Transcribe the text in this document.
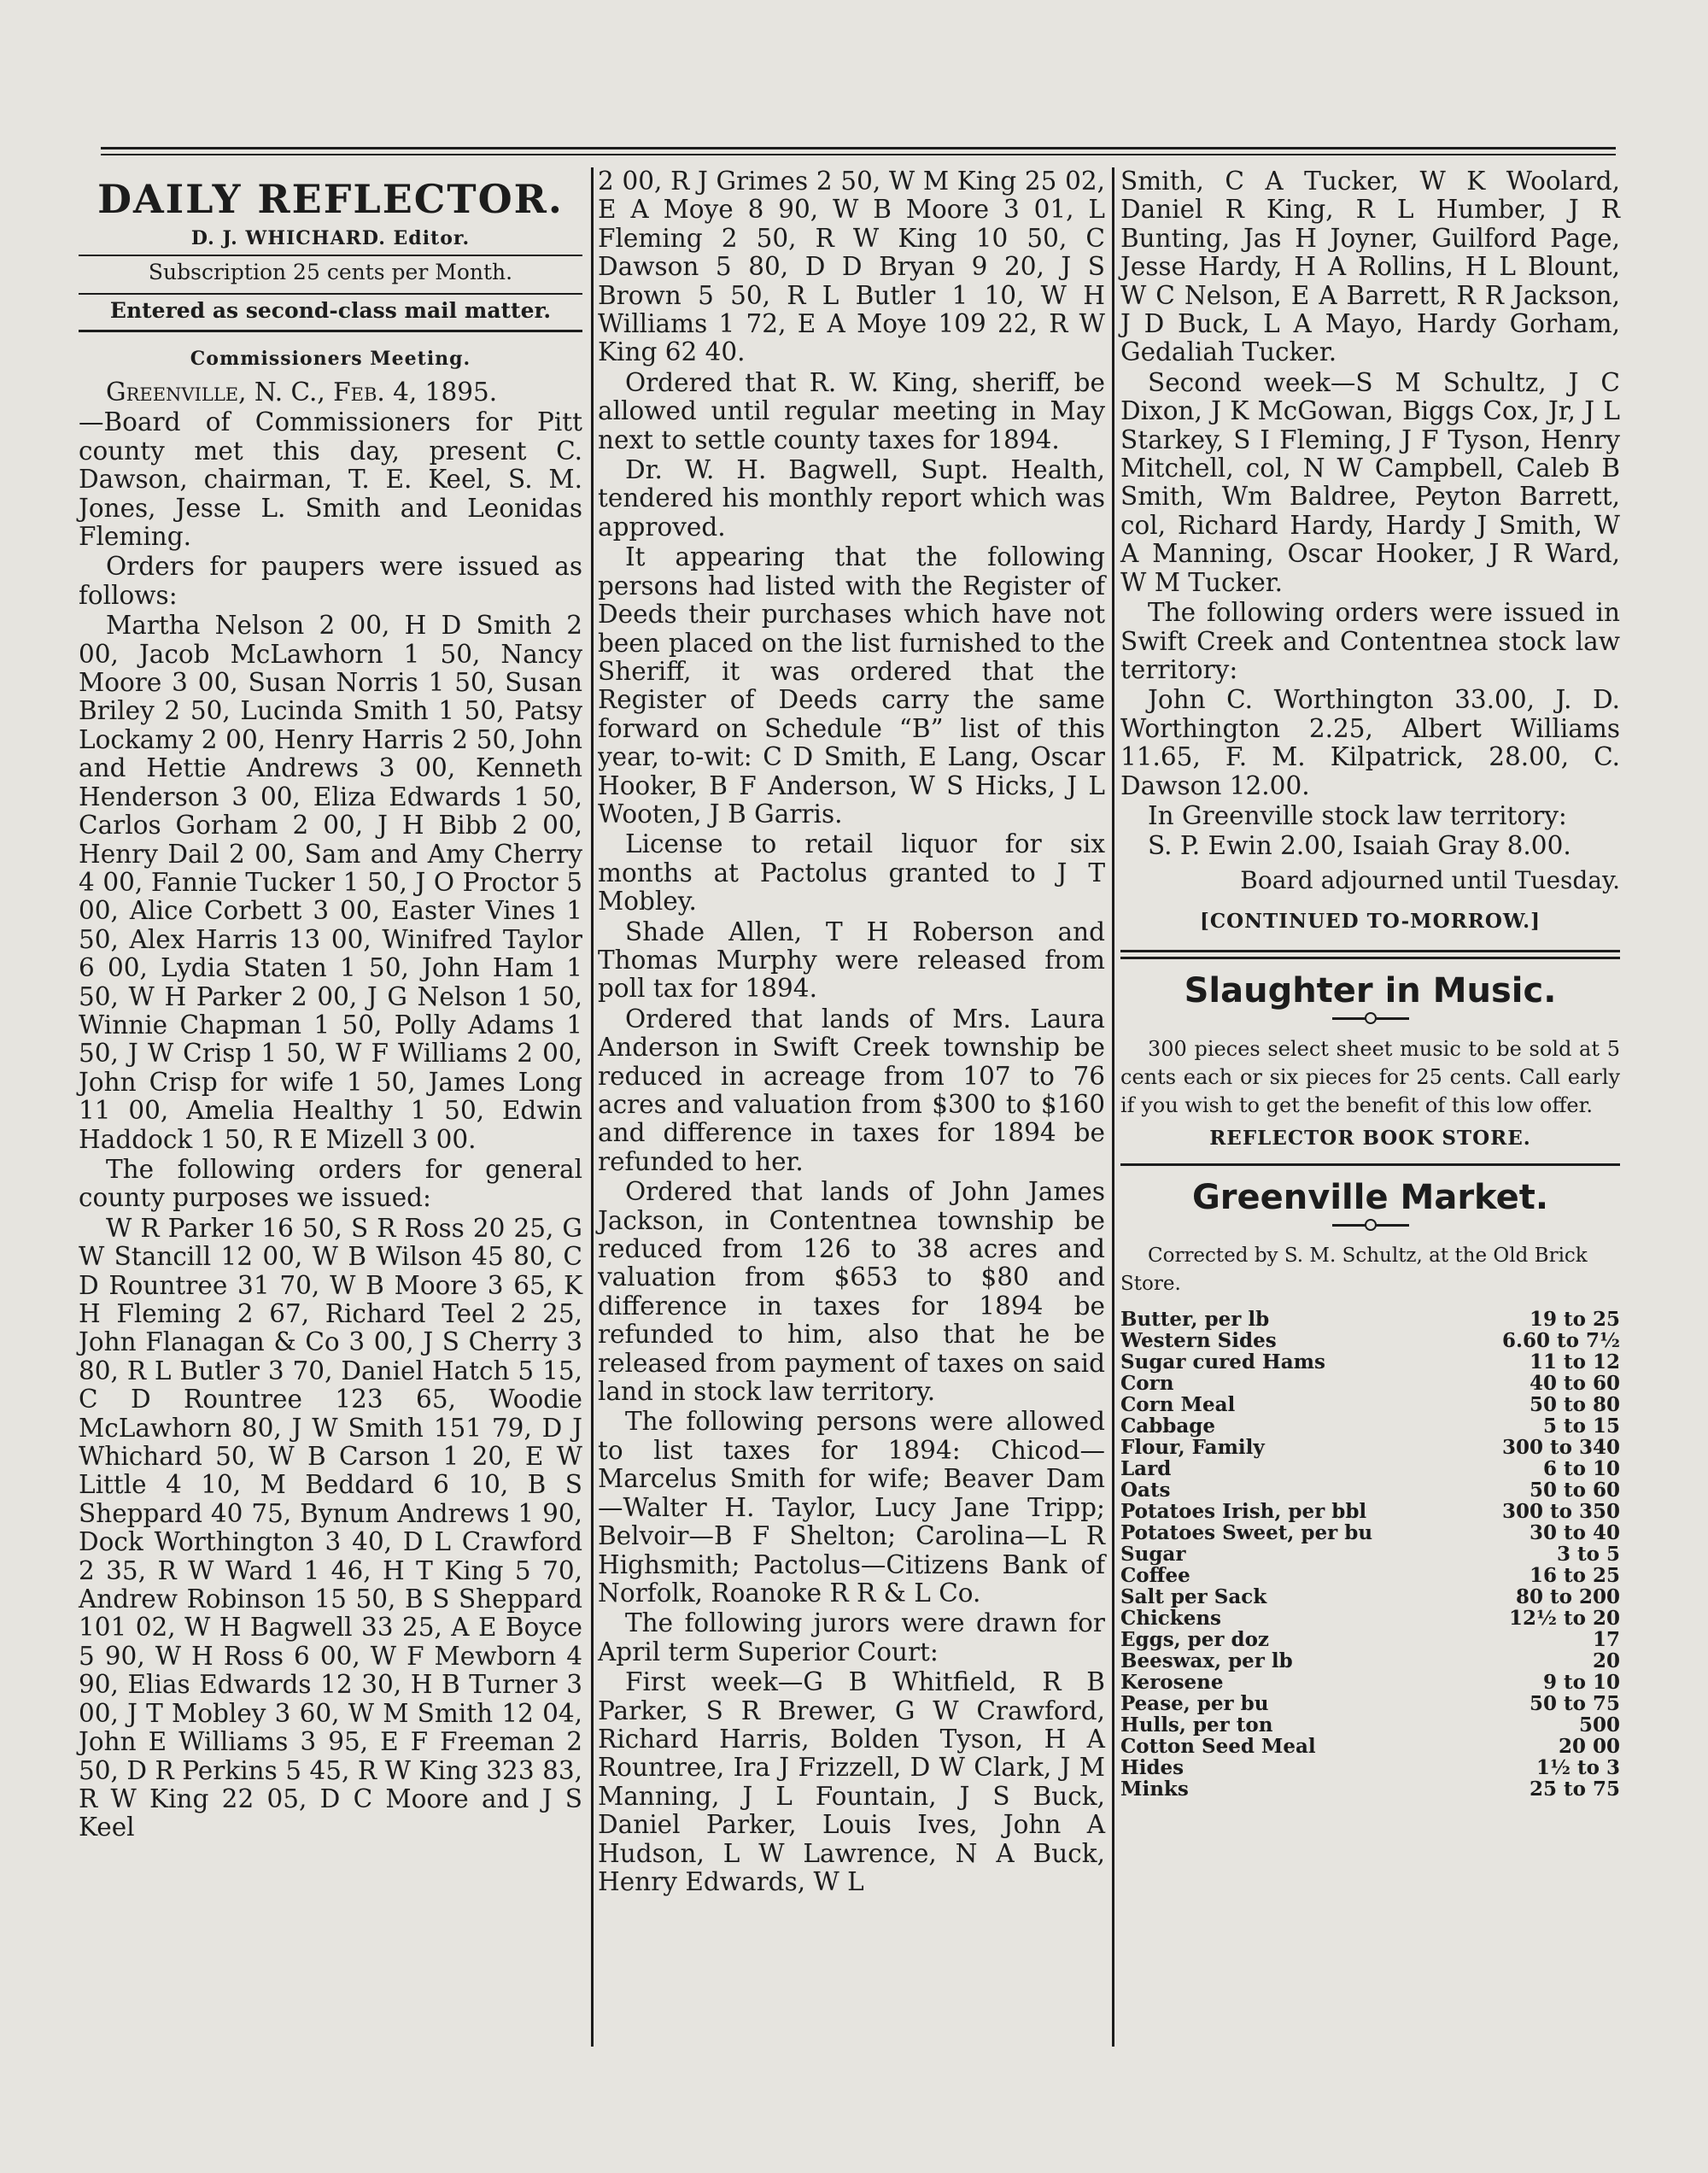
DAILY REFLECTOR.
D. J. WHICHARD. Editor.
Subscription 25 cents per Month.
Entered as second-class mail matter.
Commissioners Meeting.

Greenville, N. C., Feb. 4, 1895.

—Board of Commissioners for Pitt county met this day, present C. Dawson, chairman, T. E. Keel, S. M. Jones, Jesse L. Smith and Leonidas Fleming.

Orders for paupers were issued as follows:

Martha Nelson 2 00, H D Smith 2 00, Jacob McLawhorn 1 50, Nancy Moore 3 00, Susan Norris 1 50, Susan Briley 2 50, Lucinda Smith 1 50, Patsy Lockamy 2 00, Henry Harris 2 50, John and Hettie Andrews 3 00, Kenneth Henderson 3 00, Eliza Edwards 1 50, Carlos Gorham 2 00, J H Bibb 2 00, Henry Dail 2 00, Sam and Amy Cherry 4 00, Fannie Tucker 1 50, J O Proctor 5 00, Alice Corbett 3 00, Easter Vines 1 50, Alex Harris 13 00, Winifred Taylor 6 00, Lydia Staten 1 50, John Ham 1 50, W H Parker 2 00, J G Nelson 1 50, Winnie Chapman 1 50, Polly Adams 1 50, J W Crisp 1 50, W F Williams 2 00, John Crisp for wife 1 50, James Long 11 00, Amelia Healthy 1 50, Edwin Haddock 1 50, R E Mizell 3 00.

The following orders for general county purposes we issued:

W R Parker 16 50, S R Ross 20 25, G W Stancill 12 00, W B Wilson 45 80, C D Rountree 31 70, W B Moore 3 65, K H Fleming 2 67, Richard Teel 2 25, John Flanagan & Co 3 00, J S Cherry 3 80, R L Butler 3 70, Daniel Hatch 5 15, C D Rountree 123 65, Woodie McLawhorn 80, J W Smith 151 79, D J Whichard 50, W B Carson 1 20, E W Little 4 10, M Beddard 6 10, B S Sheppard 40 75, Bynum Andrews 1 90, Dock Worthington 3 40, D L Crawford 2 35, R W Ward 1 46, H T King 5 70, Andrew Robinson 15 50, B S Sheppard 101 02, W H Bagwell 33 25, A E Boyce 5 90, W H Ross 6 00, W F Mewborn 4 90, Elias Edwards 12 30, H B Turner 3 00, J T Mobley 3 60, W M Smith 12 04, John E Williams 3 95, E F Freeman 2 50, D R Perkins 5 45, R W King 323 83, R W King 22 05, D C Moore and J S Keel

2 00, R J Grimes 2 50, W M King 25 02, E A Moye 8 90, W B Moore 3 01, L Fleming 2 50, R W King 10 50, C Dawson 5 80, D D Bryan 9 20, J S Brown 5 50, R L Butler 1 10, W H Williams 1 72, E A Moye 109 22, R W King 62 40.

Ordered that R. W. King, sheriff, be allowed until regular meeting in May next to settle county taxes for 1894.

Dr. W. H. Bagwell, Supt. Health, tendered his monthly report which was approved.

It appearing that the following persons had listed with the Register of Deeds their purchases which have not been placed on the list furnished to the Sheriff, it was ordered that the Register of Deeds carry the same forward on Schedule “B” list of this year, to-wit: C D Smith, E Lang, Oscar Hooker, B F Anderson, W S Hicks, J L Wooten, J B Garris.

License to retail liquor for six months at Pactolus granted to J T Mobley.

Shade Allen, T H Roberson and Thomas Murphy were released from poll tax for 1894.

Ordered that lands of Mrs. Laura Anderson in Swift Creek township be reduced in acreage from 107 to 76 acres and valuation from $300 to $160 and difference in taxes for 1894 be refunded to her.

Ordered that lands of John James Jackson, in Contentnea township be reduced from 126 to 38 acres and valuation from $653 to $80 and difference in taxes for 1894 be refunded to him, also that he be released from payment of taxes on said land in stock law territory.

The following persons were allowed to list taxes for 1894: Chicod—Marcelus Smith for wife; Beaver Dam—Walter H. Taylor, Lucy Jane Tripp; Belvoir—B F Shelton; Carolina—L R Highsmith; Pactolus—Citizens Bank of Norfolk, Roanoke R R & L Co.

The following jurors were drawn for April term Superior Court:

First week—G B Whitfield, R B Parker, S R Brewer, G W Crawford, Richard Harris, Bolden Tyson, H A Rountree, Ira J Frizzell, D W Clark, J M Manning, J L Fountain, J S Buck, Daniel Parker, Louis Ives, John A Hudson, L W Lawrence, N A Buck, Henry Edwards, W L

Smith, C A Tucker, W K Woolard, Daniel R King, R L Humber, J R Bunting, Jas H Joyner, Guilford Page, Jesse Hardy, H A Rollins, H L Blount, W C Nelson, E A Barrett, R R Jackson, J D Buck, L A Mayo, Hardy Gorham, Gedaliah Tucker.

Second week—S M Schultz, J C Dixon, J K McGowan, Biggs Cox, Jr, J L Starkey, S I Fleming, J F Tyson, Henry Mitchell, col, N W Campbell, Caleb B Smith, Wm Baldree, Peyton Barrett, col, Richard Hardy, Hardy J Smith, W A Manning, Oscar Hooker, J R Ward, W M Tucker.

The following orders were issued in Swift Creek and Contentnea stock law territory:

John C. Worthington 33.00, J. D. Worthington 2.25, Albert Williams 11.65, F. M. Kilpatrick, 28.00, C. Dawson 12.00.

In Greenville stock law territory:

S. P. Ewin 2.00, Isaiah Gray 8.00.

Board adjourned until Tuesday.
[CONTINUED TO-MORROW.]
Slaughter in Music.

300 pieces select sheet music to be sold at 5 cents each or six pieces for 25 cents. Call early if you wish to get the benefit of this low offer.

REFLECTOR BOOK STORE.
Greenville Market.
Corrected by S. M. Schultz, at the Old Brick Store.
Butter, per lb	19 to 25
Western Sides	6.60 to 7½
Sugar cured Hams	11 to 12
Corn	40 to 60
Corn Meal	50 to 80
Cabbage	5 to 15
Flour, Family	300 to 340
Lard	6 to 10
Oats	50 to 60
Potatoes Irish, per bbl	300 to 350
Potatoes Sweet, per bu	30 to 40
Sugar	3 to 5
Coffee	16 to 25
Salt per Sack	80 to 200
Chickens	12½ to 20
Eggs, per doz	17
Beeswax, per lb	20
Kerosene	9 to 10
Pease, per bu	50 to 75
Hulls, per ton	500
Cotton Seed Meal	20 00
Hides	1½ to 3
Minks	25 to 75
